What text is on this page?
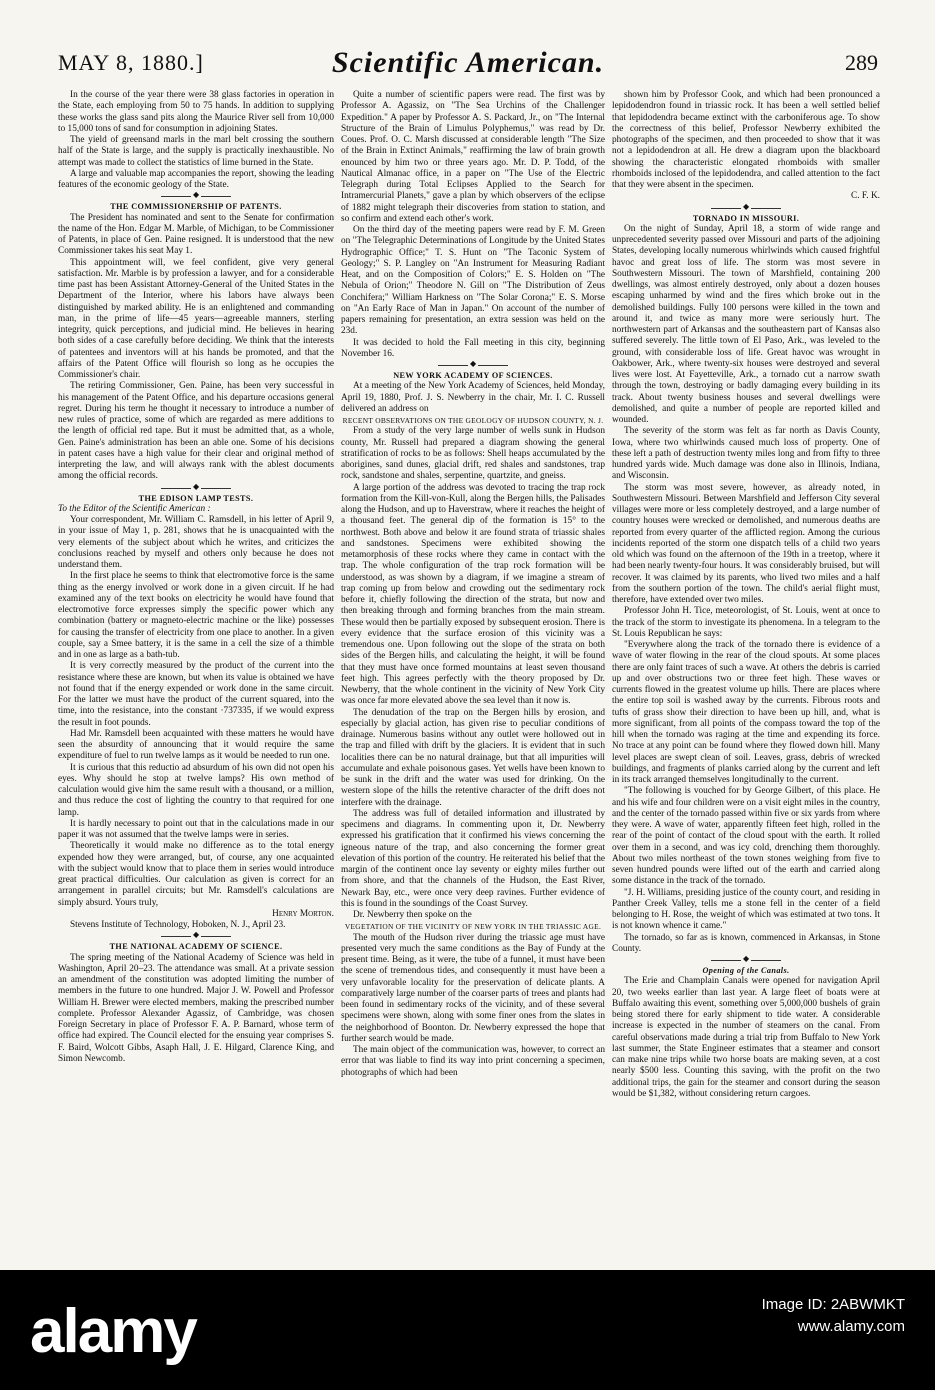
MAY 8, 1880.]	Scientific American.	289

In the course of the year there were 38 glass factories in operation in the State, each employing from 50 to 75 hands. In addition to supplying these works the glass sand pits along the Maurice River sell from 10,000 to 15,000 tons of sand for consumption in adjoining States.

The yield of greensand marls in the marl belt crossing the southern half of the State is large, and the supply is practically inexhaustible. No attempt was made to collect the statistics of lime burned in the State.

A large and valuable map accompanies the report, showing the leading features of the economic geology of the State.

◆

THE COMMISSIONERSHIP OF PATENTS.

The President has nominated and sent to the Senate for confirmation the name of the Hon. Edgar M. Marble, of Michigan, to be Commissioner of Patents, in place of Gen. Paine resigned. It is understood that the new Commissioner takes his seat May 1.

This appointment will, we feel confident, give very general satisfaction. Mr. Marble is by profession a lawyer, and for a considerable time past has been Assistant Attorney-General of the United States in the Department of the Interior, where his labors have always been distinguished by marked ability. He is an enlightened and commanding man, in the prime of life—45 years—agreeable manners, sterling integrity, quick perceptions, and judicial mind. He believes in hearing both sides of a case carefully before deciding. We think that the interests of patentees and inventors will at his hands be promoted, and that the affairs of the Patent Office will flourish so long as he occupies the Commissioner's chair.

The retiring Commissioner, Gen. Paine, has been very successful in his management of the Patent Office, and his departure occasions general regret. During his term he thought it necessary to introduce a number of new rules of practice, some of which are regarded as mere additions to the length of official red tape. But it must be admitted that, as a whole, Gen. Paine's administration has been an able one. Some of his decisions in patent cases have a high value for their clear and original method of interpreting the law, and will always rank with the ablest documents among the official records.

◆

THE EDISON LAMP TESTS.

To the Editor of the Scientific American :

Your correspondent, Mr. William C. Ramsdell, in his letter of April 9, in your issue of May 1, p. 281, shows that he is unacquainted with the very elements of the subject about which he writes, and criticizes the conclusions reached by myself and others only because he does not understand them.

In the first place he seems to think that electromotive force is the same thing as the energy involved or work done in a given circuit. If he had examined any of the text books on electricity he would have found that electromotive force expresses simply the specific power which any combination (battery or magneto-electric machine or the like) possesses for causing the transfer of electricity from one place to another. In a given couple, say a Smee battery, it is the same in a cell the size of a thimble and in one as large as a bath-tub.

It is very correctly measured by the product of the current into the resistance where these are known, but when its value is obtained we have not found that if the energy expended or work done in the same circuit. For the latter we must have the product of the current squared, into the time, into the resistance, into the constant ·737335, if we would express the result in foot pounds.

Had Mr. Ramsdell been acquainted with these matters he would have seen the absurdity of announcing that it would require the same expenditure of fuel to run twelve lamps as it would be needed to run one.

It is curious that this reductio ad absurdum of his own did not open his eyes. Why should he stop at twelve lamps? His own method of calculation would give him the same result with a thousand, or a million, and thus reduce the cost of lighting the country to that required for one lamp.

It is hardly necessary to point out that in the calculations made in our paper it was not assumed that the twelve lamps were in series.

Theoretically it would make no difference as to the total energy expended how they were arranged, but, of course, any one acquainted with the subject would know that to place them in series would introduce great practical difficulties. Our calculation as given is correct for an arrangement in parallel circuits; but Mr. Ramsdell's calculations are simply absurd. Yours truly,

Henry Morton.

Stevens Institute of Technology, Hoboken, N. J., April 23.

◆

THE NATIONAL ACADEMY OF SCIENCE.

The spring meeting of the National Academy of Science was held in Washington, April 20–23. The attendance was small. At a private session an amendment of the constitution was adopted limiting the number of members in the future to one hundred. Major J. W. Powell and Professor William H. Brewer were elected members, making the prescribed number complete. Professor Alexander Agassiz, of Cambridge, was chosen Foreign Secretary in place of Professor F. A. P. Barnard, whose term of office had expired. The Council elected for the ensuing year comprises S. F. Baird, Wolcott Gibbs, Asaph Hall, J. E. Hilgard, Clarence King, and Simon Newcomb.

Quite a number of scientific papers were read. The first was by Professor A. Agassiz, on "The Sea Urchins of the Challenger Expedition." A paper by Professor A. S. Packard, Jr., on "The Internal Structure of the Brain of Limulus Polyphemus," was read by Dr. Coues. Prof. O. C. Marsh discussed at considerable length "The Size of the Brain in Extinct Animals," reaffirming the law of brain growth enounced by him two or three years ago. Mr. D. P. Todd, of the Nautical Almanac office, in a paper on "The Use of the Electric Telegraph during Total Eclipses Applied to the Search for Intramercurial Planets," gave a plan by which observers of the eclipse of 1882 might telegraph their discoveries from station to station, and so confirm and extend each other's work.

On the third day of the meeting papers were read by F. M. Green on "The Telegraphic Determinations of Longitude by the United States Hydrographic Office;" T. S. Hunt on "The Taconic System of Geology;" S. P. Langley on "An Instrument for Measuring Radiant Heat, and on the Composition of Colors;" E. S. Holden on "The Nebula of Orion;" Theodore N. Gill on "The Distribution of Zeus Conchifera;" William Harkness on "The Solar Corona;" E. S. Morse on "An Early Race of Man in Japan." On account of the number of papers remaining for presentation, an extra session was held on the 23d.

It was decided to hold the Fall meeting in this city, beginning November 16.

◆

NEW YORK ACADEMY OF SCIENCES.

At a meeting of the New York Academy of Sciences, held Monday, April 19, 1880, Prof. J. S. Newberry in the chair, Mr. I. C. Russell delivered an address on

RECENT OBSERVATIONS ON THE GEOLOGY OF HUDSON COUNTY, N. J.

From a study of the very large number of wells sunk in Hudson county, Mr. Russell had prepared a diagram showing the general stratification of rocks to be as follows: Shell heaps accumulated by the aborigines, sand dunes, glacial drift, red shales and sandstones, trap rock, sandstone and shales, serpentine, quartzite, and gneiss.

A large portion of the address was devoted to tracing the trap rock formation from the Kill-von-Kull, along the Bergen hills, the Palisades along the Hudson, and up to Haverstraw, where it reaches the height of a thousand feet. The general dip of the formation is 15° to the northwest. Both above and below it are found strata of triassic shales and sandstones. Specimens were exhibited showing the metamorphosis of these rocks where they came in contact with the trap. The whole configuration of the trap rock formation will be understood, as was shown by a diagram, if we imagine a stream of trap coming up from below and crowding out the sedimentary rock before it, chiefly following the direction of the strata, but now and then breaking through and forming branches from the main stream. These would then be partially exposed by subsequent erosion. There is every evidence that the surface erosion of this vicinity was a tremendous one. Upon following out the slope of the strata on both sides of the Bergen hills, and calculating the height, it will be found that they must have once formed mountains at least seven thousand feet high. This agrees perfectly with the theory proposed by Dr. Newberry, that the whole continent in the vicinity of New York City was once far more elevated above the sea level than it now is.

The denudation of the trap on the Bergen hills by erosion, and especially by glacial action, has given rise to peculiar conditions of drainage. Numerous basins without any outlet were hollowed out in the trap and filled with drift by the glaciers. It is evident that in such localities there can be no natural drainage, but that all impurities will accumulate and exhale poisonous gases. Yet wells have been known to be sunk in the drift and the water was used for drinking. On the western slope of the hills the retentive character of the drift does not interfere with the drainage.

The address was full of detailed information and illustrated by specimens and diagrams. In commenting upon it, Dr. Newberry expressed his gratification that it confirmed his views concerning the igneous nature of the trap, and also concerning the former great elevation of this portion of the country. He reiterated his belief that the margin of the continent once lay seventy or eighty miles further out from shore, and that the channels of the Hudson, the East River, Newark Bay, etc., were once very deep ravines. Further evidence of this is found in the soundings of the Coast Survey.

Dr. Newberry then spoke on the

VEGETATION OF THE VICINITY OF NEW YORK IN THE TRIASSIC AGE.

The mouth of the Hudson river during the triassic age must have presented very much the same conditions as the Bay of Fundy at the present time. Being, as it were, the tube of a funnel, it must have been the scene of tremendous tides, and consequently it must have been a very unfavorable locality for the preservation of delicate plants. A comparatively large number of the coarser parts of trees and plants had been found in sedimentary rocks of the vicinity, and of these several specimens were shown, along with some finer ones from the slates in the neighborhood of Boonton. Dr. Newberry expressed the hope that further search would be made.

The main object of the communication was, however, to correct an error that was liable to find its way into print concerning a specimen, photographs of which had been

shown him by Professor Cook, and which had been pronounced a lepidodendron found in triassic rock. It has been a well settled belief that lepidodendra became extinct with the carboniferous age. To show the correctness of this belief, Professor Newberry exhibited the photographs of the specimen, and then proceeded to show that it was not a lepidodendron at all. He drew a diagram upon the blackboard showing the characteristic elongated rhomboids with smaller rhomboids inclosed of the lepidodendra, and called attention to the fact that they were absent in the specimen.

C. F. K.

◆

TORNADO IN MISSOURI.

On the night of Sunday, April 18, a storm of wide range and unprecedented severity passed over Missouri and parts of the adjoining States, developing locally numerous whirlwinds which caused frightful havoc and great loss of life. The storm was most severe in Southwestern Missouri. The town of Marshfield, containing 200 dwellings, was almost entirely destroyed, only about a dozen houses escaping unharmed by wind and the fires which broke out in the demolished buildings. Fully 100 persons were killed in the town and around it, and twice as many more were seriously hurt. The northwestern part of Arkansas and the southeastern part of Kansas also suffered severely. The little town of El Paso, Ark., was leveled to the ground, with considerable loss of life. Great havoc was wrought in Oakbower, Ark., where twenty-six houses were destroyed and several lives were lost. At Fayetteville, Ark., a tornado cut a narrow swath through the town, destroying or badly damaging every building in its track. About twenty business houses and several dwellings were demolished, and quite a number of people are reported killed and wounded.

The severity of the storm was felt as far north as Davis County, Iowa, where two whirlwinds caused much loss of property. One of these left a path of destruction twenty miles long and from fifty to three hundred yards wide. Much damage was done also in Illinois, Indiana, and Wisconsin.

The storm was most severe, however, as already noted, in Southwestern Missouri. Between Marshfield and Jefferson City several villages were more or less completely destroyed, and a large number of country houses were wrecked or demolished, and numerous deaths are reported from every quarter of the afflicted region. Among the curious incidents reported of the storm one dispatch tells of a child two years old which was found on the afternoon of the 19th in a treetop, where it had been nearly twenty-four hours. It was considerably bruised, but will recover. It was claimed by its parents, who lived two miles and a half from the southern portion of the town. The child's aerial flight must, therefore, have extended over two miles.

Professor John H. Tice, meteorologist, of St. Louis, went at once to the track of the storm to investigate its phenomena. In a telegram to the St. Louis Republican he says:

"Everywhere along the track of the tornado there is evidence of a wave of water flowing in the rear of the cloud spouts. At some places there are only faint traces of such a wave. At others the debris is carried up and over obstructions two or three feet high. These waves or currents flowed in the greatest volume up hills. There are places where the entire top soil is washed away by the currents. Fibrous roots and tufts of grass show their direction to have been up hill, and, what is more significant, from all points of the compass toward the top of the hill when the tornado was raging at the time and expending its force. No trace at any point can be found where they flowed down hill. Many level places are swept clean of soil. Leaves, grass, debris of wrecked buildings, and fragments of planks carried along by the current and left in its track arranged themselves longitudinally to the current.

"The following is vouched for by George Gilbert, of this place. He and his wife and four children were on a visit eight miles in the country, and the center of the tornado passed within five or six yards from where they were. A wave of water, apparently fifteen feet high, rolled in the rear of the point of contact of the cloud spout with the earth. It rolled over them in a second, and was icy cold, drenching them thoroughly. About two miles northeast of the town stones weighing from five to seven hundred pounds were lifted out of the earth and carried along some distance in the track of the tornado.

"J. H. Williams, presiding justice of the county court, and residing in Panther Creek Valley, tells me a stone fell in the center of a field belonging to H. Rose, the weight of which was estimated at two tons. It is not known whence it came."

The tornado, so far as is known, commenced in Arkansas, in Stone County.

◆

Opening of the Canals.

The Erie and Champlain Canals were opened for navigation April 20, two weeks earlier than last year. A large fleet of boats were at Buffalo awaiting this event, something over 5,000,000 bushels of grain being stored there for early shipment to tide water. A considerable increase is expected in the number of steamers on the canal. From careful observations made during a trial trip from Buffalo to New York last summer, the State Engineer estimates that a steamer and consort can make nine trips while two horse boats are making seven, at a cost nearly $500 less. Counting this saving, with the profit on the two additional trips, the gain for the steamer and consort during the season would be $1,382, without considering return cargoes.

alamy	Image ID: 2ABWMKT
www.alamy.com
